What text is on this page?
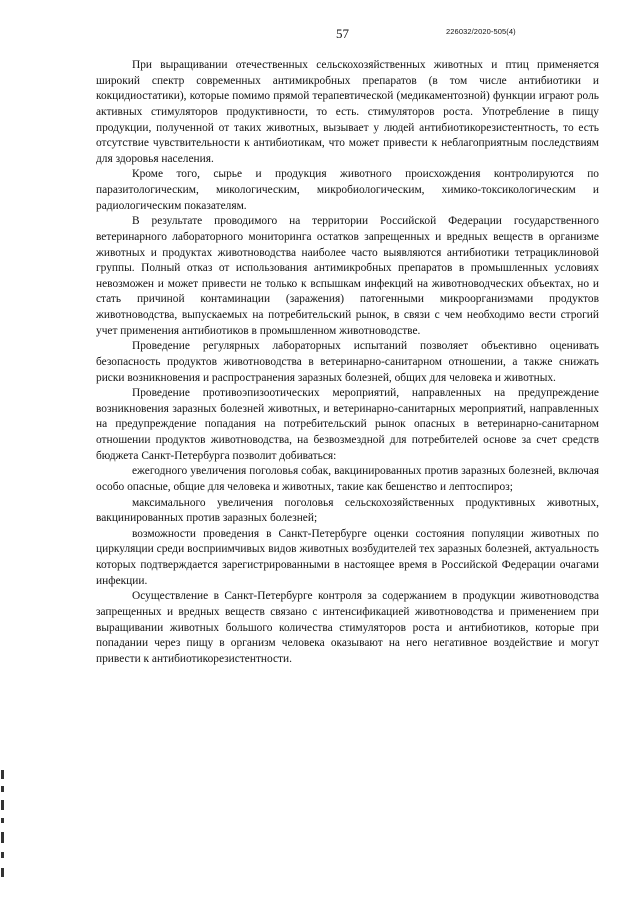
57	226032/2020-505(4)

При выращивании отечественных сельскохозяйственных животных и птиц применяется широкий спектр современных антимикробных препаратов (в том числе антибиотики и кокцидиостатики), которые помимо прямой терапевтической (медикаментозной) функции играют роль активных стимуляторов продуктивности, то есть. стимуляторов роста. Употребление в пищу продукции, полученной от таких животных, вызывает у людей антибиотикорезистентность, то есть отсутствие чувствительности к антибиотикам, что может привести к неблагоприятным последствиям для здоровья населения.

Кроме того, сырье и продукция животного происхождения контролируются по паразитологическим, микологическим, микробиологическим, химико-токсикологическим и радиологическим показателям.

В результате проводимого на территории Российской Федерации государственного ветеринарного лабораторного мониторинга остатков запрещенных и вредных веществ в организме животных и продуктах животноводства наиболее часто выявляются антибиотики тетрациклиновой группы. Полный отказ от использования антимикробных препаратов в промышленных условиях невозможен и может привести не только к вспышкам инфекций на животноводческих объектах, но и стать причиной контаминации (заражения) патогенными микроорганизмами продуктов животноводства, выпускаемых на потребительский рынок, в связи с чем необходимо вести строгий учет применения антибиотиков в промышленном животноводстве.

Проведение регулярных лабораторных испытаний позволяет объективно оценивать безопасность продуктов животноводства в ветеринарно-санитарном отношении, а также снижать риски возникновения и распространения заразных болезней, общих для человека и животных.

Проведение противоэпизоотических мероприятий, направленных на предупреждение возникновения заразных болезней животных, и ветеринарно-санитарных мероприятий, направленных на предупреждение попадания на потребительский рынок опасных в ветеринарно-санитарном отношении продуктов животноводства, на безвозмездной для потребителей основе за счет средств бюджета Санкт-Петербурга позволит добиваться:

ежегодного увеличения поголовья собак, вакцинированных против заразных болезней, включая особо опасные, общие для человека и животных, такие как бешенство и лептоспироз;

максимального увеличения поголовья сельскохозяйственных продуктивных животных, вакцинированных против заразных болезней;

возможности проведения в Санкт-Петербурге оценки состояния популяции животных по циркуляции среди восприимчивых видов животных возбудителей тех заразных болезней, актуальность которых подтверждается зарегистрированными в настоящее время в Российской Федерации очагами инфекции.

Осуществление в Санкт-Петербурге контроля за содержанием в продукции животноводства запрещенных и вредных веществ связано с интенсификацией животноводства и применением при выращивании животных большого количества стимуляторов роста и антибиотиков, которые при попадании через пищу в организм человека оказывают на него негативное воздействие и могут привести к антибиотикорезистентности.
